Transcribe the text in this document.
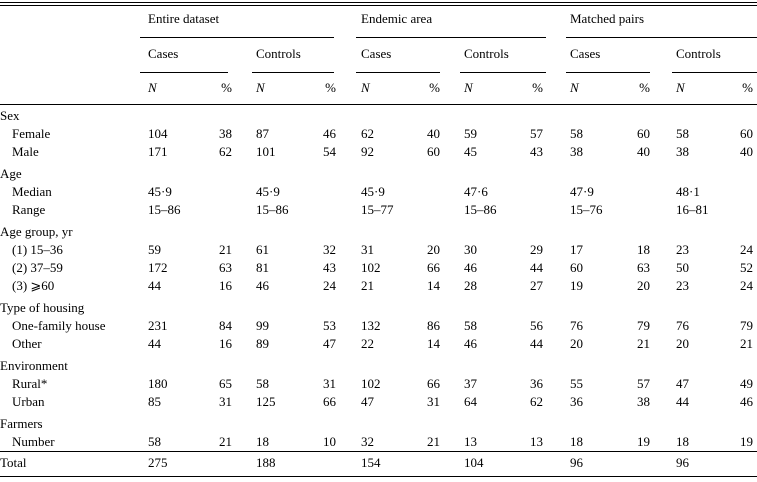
Entire dataset	Endemic area	Matched pairs
Cases	Controls	Cases	Controls	Cases	Controls
N	% N	% N	% N	% N	% N	%
Sex
Female	104	38 87	46 62	40 59	57 58	60 58	60
Male	171	62 101	54 92	60 45	43 38	40 38	40
Age
Median	45·9	45·9	45·9	47·6	47·9	48·1
Range	15–86	15–86	15–77	15–86	15–76	16–81
Age group, yr
(1) 15–36	59	21 61	32 31	20 30	29 17	18 23	24
(2) 37–59	172	63 81	43 102	66 46	44 60	63 50	52
(3) ⩾60	44	16 46	24 21	14 28	27 19	20 23	24
Type of housing
One-family house	231	84 99	53 132	86 58	56 76	79 76	79
Other	44	16 89	47 22	14 46	44 20	21 20	21
Environment
Rural*	180	65 58	31 102	66 37	36 55	57 47	49
Urban	85	31 125	66 47	31 64	62 36	38 44	46
Farmers
Number	58	21 18	10 32	21 13	13 18	19 18	19
Total	275	188	154	104	96	96
